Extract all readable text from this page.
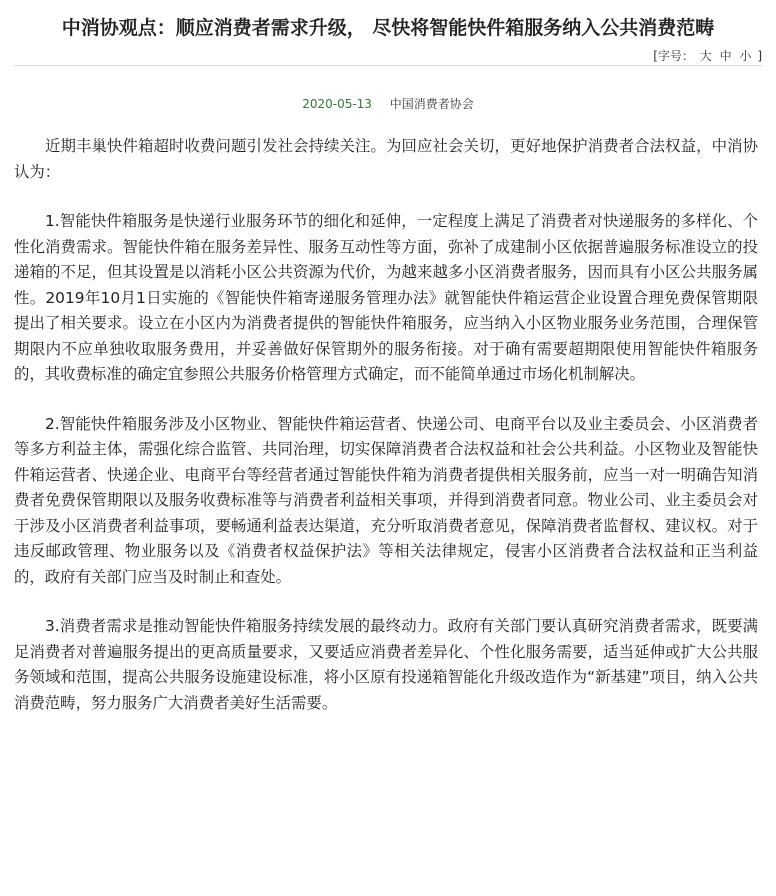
中消协观点：顺应消费者需求升级， 尽快将智能快件箱服务纳入公共消费范畴
[字号： 大 中 小 ]
2020-05-13 中国消费者协会

近期丰巢快件箱超时收费问题引发社会持续关注。为回应社会关切，更好地保护消费者合法权益，中消协认为：

1.智能快件箱服务是快递行业服务环节的细化和延伸，一定程度上满足了消费者对快递服务的多样化、个性化消费需求。智能快件箱在服务差异性、服务互动性等方面，弥补了成建制小区依据普遍服务标准设立的投递箱的不足，但其设置是以消耗小区公共资源为代价，为越来越多小区消费者服务，因而具有小区公共服务属性。2019年10月1日实施的《智能快件箱寄递服务管理办法》就智能快件箱运营企业设置合理免费保管期限提出了相关要求。设立在小区内为消费者提供的智能快件箱服务，应当纳入小区物业服务业务范围，合理保管期限内不应单独收取服务费用，并妥善做好保管期外的服务衔接。对于确有需要超期限使用智能快件箱服务的，其收费标准的确定宜参照公共服务价格管理方式确定，而不能简单通过市场化机制解决。

2.智能快件箱服务涉及小区物业、智能快件箱运营者、快递公司、电商平台以及业主委员会、小区消费者等多方利益主体，需强化综合监管、共同治理，切实保障消费者合法权益和社会公共利益。小区物业及智能快件箱运营者、快递企业、电商平台等经营者通过智能快件箱为消费者提供相关服务前，应当一对一明确告知消费者免费保管期限以及服务收费标准等与消费者利益相关事项，并得到消费者同意。物业公司、业主委员会对于涉及小区消费者利益事项，要畅通利益表达渠道，充分听取消费者意见，保障消费者监督权、建议权。对于违反邮政管理、物业服务以及《消费者权益保护法》等相关法律规定，侵害小区消费者合法权益和正当利益的，政府有关部门应当及时制止和查处。

3.消费者需求是推动智能快件箱服务持续发展的最终动力。政府有关部门要认真研究消费者需求，既要满足消费者对普遍服务提出的更高质量要求，又要适应消费者差异化、个性化服务需要，适当延伸或扩大公共服务领域和范围，提高公共服务设施建设标准，将小区原有投递箱智能化升级改造作为“新基建”项目，纳入公共消费范畴，努力服务广大消费者美好生活需要。
